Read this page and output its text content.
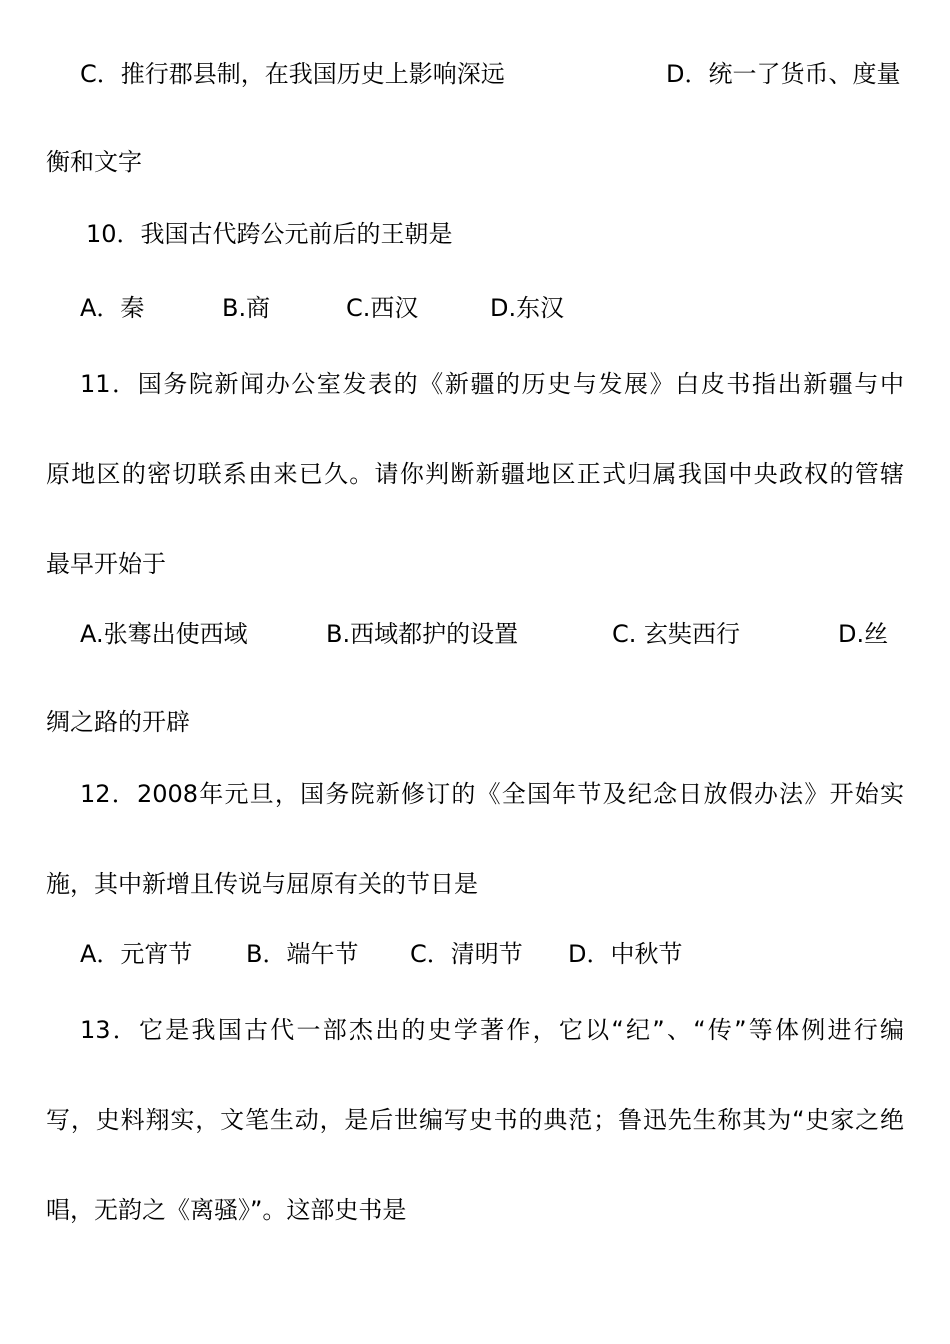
C．推行郡县制，在我国历史上影响深远	D．统一了货币、度量
衡和文字
10．我国古代跨公元前后的王朝是
A．秦	B.商	C.西汉	D.东汉
11．国务院新闻办公室发表的《新疆的历史与发展》白皮书指出新疆与中
原地区的密切联系由来已久。请你判断新疆地区正式归属我国中央政权的管辖
最早开始于
A.张骞出使西域	B.西域都护的设置	C. 玄奘西行	D.丝
绸之路的开辟
12．2008年元旦，国务院新修订的《全国年节及纪念日放假办法》开始实
施，其中新增且传说与屈原有关的节日是
A．元宵节 B．端午节 C．清明节 D．中秋节
13．它是我国古代一部杰出的史学著作，它以“纪”、“传”等体例进行编
写，史料翔实，文笔生动，是后世编写史书的典范；鲁迅先生称其为“史家之绝
唱，无韵之《离骚》”。这部史书是
